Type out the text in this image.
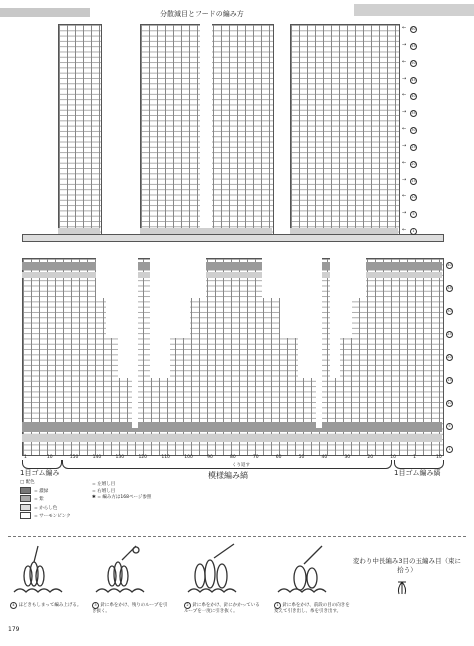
分散減目とフードの編み方
←	60
→	55
←	50
→	45
←	40
→	35
←	30
→	25
←	20
→	15
←	10
→	5
←	1
40
35
30
25
20
15
10
5
1
1	10	150	140	130	120	110	100	90	80	70	60	50	40	30	20	10	1	10
くり返す
1目ゴム編み	模様編み縞	1目ゴム編み縞
□ 配色
= 濃緑
= 紫
= からし色
= サーモンピンク
= 左増し目
= 右増し目
✱ = 編み方は168ページ参照
4 ほどきもしまって編み上げる。	3 針に糸をかけ、残りのループを引き抜く。
2 針に糸をかけ、針にかかっているループを一度に引き抜く。
1 針に糸をかけ、前段の目の向きを変えて引き出し、糸を引き出す。
変わり中長編み3目の玉編み目（束に拾う）
179
